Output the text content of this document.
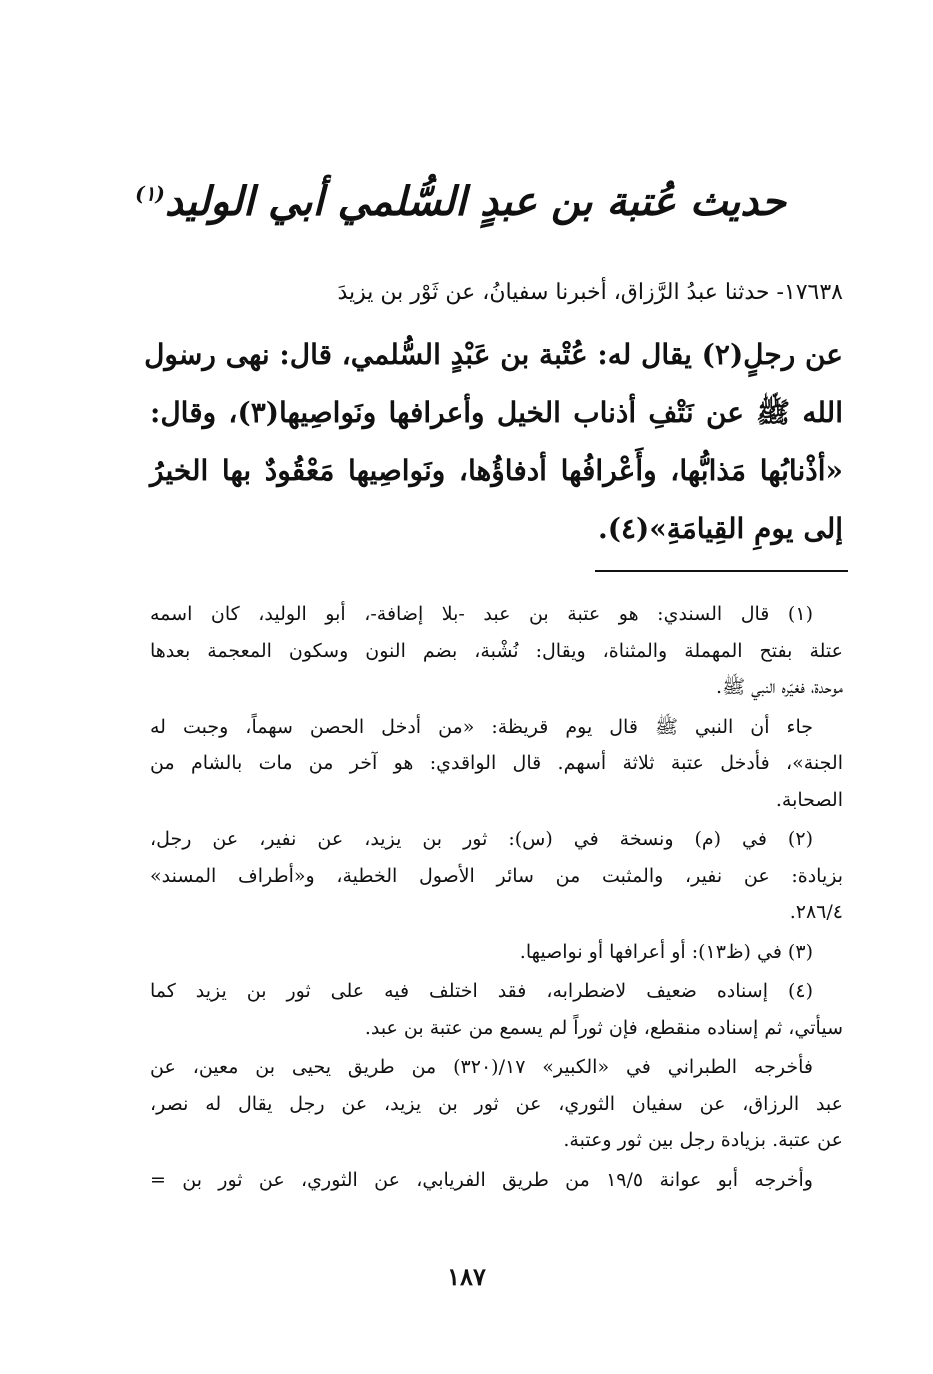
حديث عُتبة بن عبدٍ السُّلمي أبي الوليد$^{(١)}$
١٧٦٣٨- حدثنا عبدُ الرَّزاق، أخبرنا سفيانُ، عن ثَوْر بن يزيدَ
عن رجلٍ(٢) يقال له: عُتْبة بن عَبْدٍ السُّلمي، قال: نهى رسول
الله ﷺ عن نَتْفِ أذناب الخيل وأعرافها ونَواصِيها(٣)، وقال:
«أذْنابُها مَذابُّها، وأَعْرافُها أدفاؤُها، ونَواصِيها مَعْقُودٌ بها الخيرُ
إلى يومِ القِيامَةِ»(٤).
(١) قال السندي: هو عتبة بن عبد -بلا إضافة-، أبو الوليد، كان اسمه
عتلة بفتح المهملة والمثناة، ويقال: نُشْبة، بضم النون وسكون المعجمة بعدها
موحدة، فغيّره النبي ﷺ.
جاء أن النبي ﷺ قال يوم قريظة: «من أدخل الحصن سهماً، وجبت له
الجنة»، فأدخل عتبة ثلاثة أسهم. قال الواقدي: هو آخر من مات بالشام من
الصحابة.
(٢) في (م) ونسخة في (س): ثور بن يزيد، عن نفير، عن رجل،
بزيادة: عن نفير، والمثبت من سائر الأصول الخطية، و«أطراف المسند»
٢٨٦/٤.
(٣) في (ظ١٣): أو أعرافها أو نواصيها.
(٤) إسناده ضعيف لاضطرابه، فقد اختلف فيه على ثور بن يزيد كما
سيأتي، ثم إسناده منقطع، فإن ثوراً لم يسمع من عتبة بن عبد.
فأخرجه الطبراني في «الكبير» ١٧/(٣٢٠) من طريق يحيى بن معين، عن
عبد الرزاق، عن سفيان الثوري، عن ثور بن يزيد، عن رجل يقال له نصر،
عن عتبة. بزيادة رجل بين ثور وعتبة.
وأخرجه أبو عوانة ١٩/٥ من طريق الفريابي، عن الثوري، عن ثور بن =
١٨٧
